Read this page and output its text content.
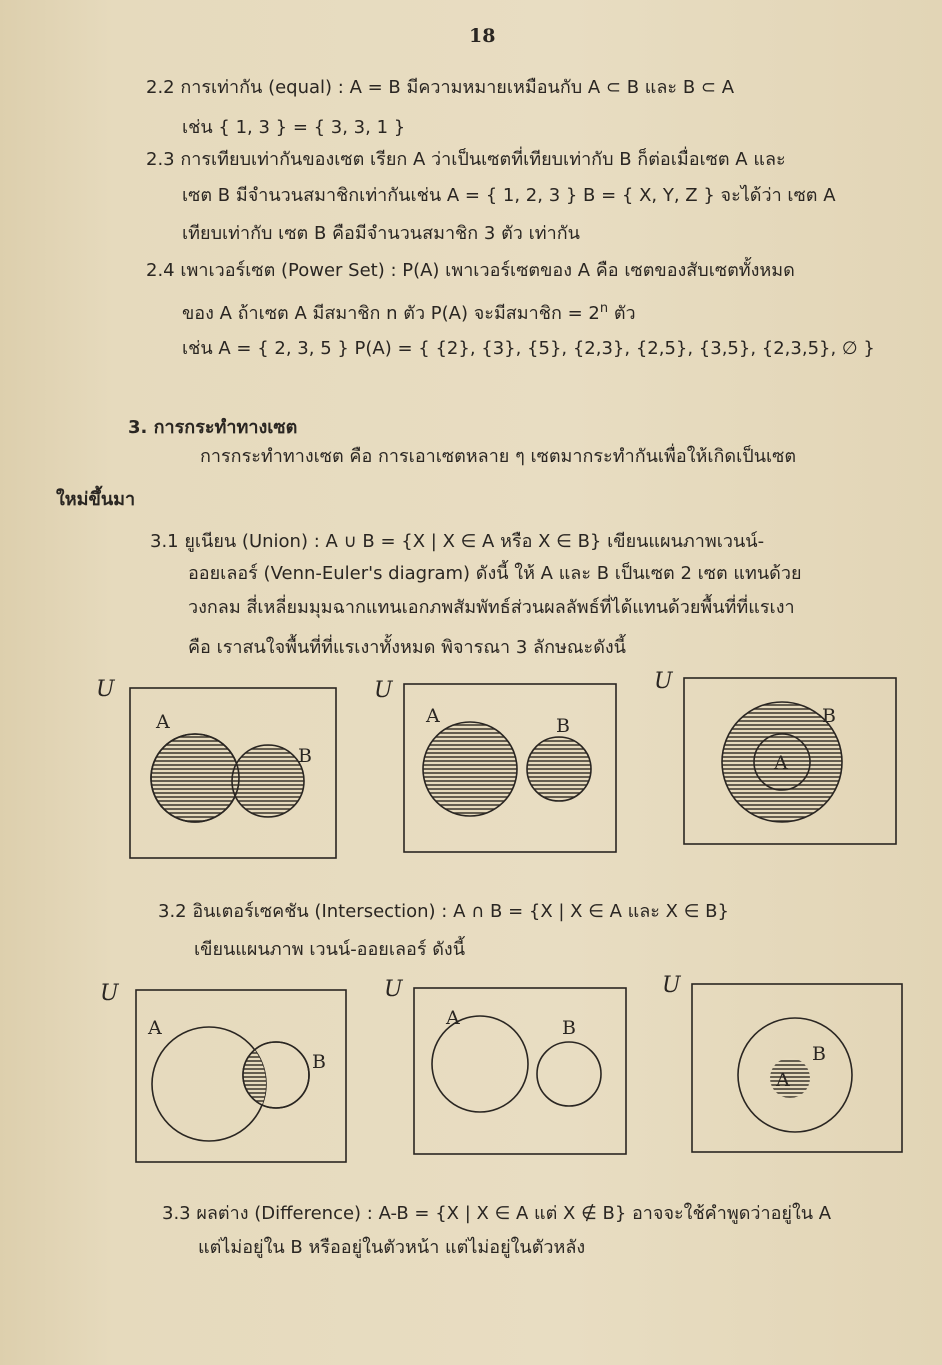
18
2.2 การเท่ากัน (equal) : A = B มีความหมายเหมือนกับ A ⊂ B และ B ⊂ A
เช่น { 1, 3 } = { 3, 3, 1 }
2.3 การเทียบเท่ากันของเซต เรียก A ว่าเป็นเซตที่เทียบเท่ากับ B ก็ต่อเมื่อเซต A และ
เซต B มีจำนวนสมาชิกเท่ากันเช่น A = { 1, 2, 3 } B = { X, Y, Z } จะได้ว่า เซต A
เทียบเท่ากับ เซต B คือมีจำนวนสมาชิก 3 ตัว เท่ากัน
2.4 เพาเวอร์เซต (Power Set) : P(A) เพาเวอร์เซตของ A คือ เซตของสับเซตทั้งหมด
ของ A ถ้าเซต A มีสมาชิก n ตัว P(A) จะมีสมาชิก = $2^n$ ตัว
เช่น A = { 2, 3, 5 } P(A) = { {2}, {3}, {5}, {2,3}, {2,5}, {3,5}, {2,3,5}, ∅ }
3. การกระทำทางเซต
การกระทำทางเซต คือ การเอาเซตหลาย ๆ เซตมากระทำกันเพื่อให้เกิดเป็นเซต
ใหม่ขึ้นมา
3.1 ยูเนียน (Union) : A ∪ B = {X | X ∈ A หรือ X ∈ B} เขียนแผนภาพเวนน์-
ออยเลอร์ (Venn-Euler's diagram) ดังนี้ ให้ A และ B เป็นเซต 2 เซต แทนด้วย
วงกลม สี่เหลี่ยมมุมฉากแทนเอกภพสัมพัทธ์ส่วนผลลัพธ์ที่ได้แทนด้วยพื้นที่ที่แรเงา
คือ เราสนใจพื้นที่ที่แรเงาทั้งหมด พิจารณา 3 ลักษณะดังนี้
U
A
B
U
A	B
U
A
B
3.2 อินเตอร์เซคชัน (Intersection) : A ∩ B = {X | X ∈ A และ X ∈ B}
เขียนแผนภาพ เวนน์-ออยเลอร์ ดังนี้
U
A
B
U
A	B
U
A
B
3.3 ผลต่าง (Difference) : A-B = {X | X ∈ A แต่ X ∉ B} อาจจะใช้คำพูดว่าอยู่ใน A
แต่ไม่อยู่ใน B หรืออยู่ในตัวหน้า แต่ไม่อยู่ในตัวหลัง
